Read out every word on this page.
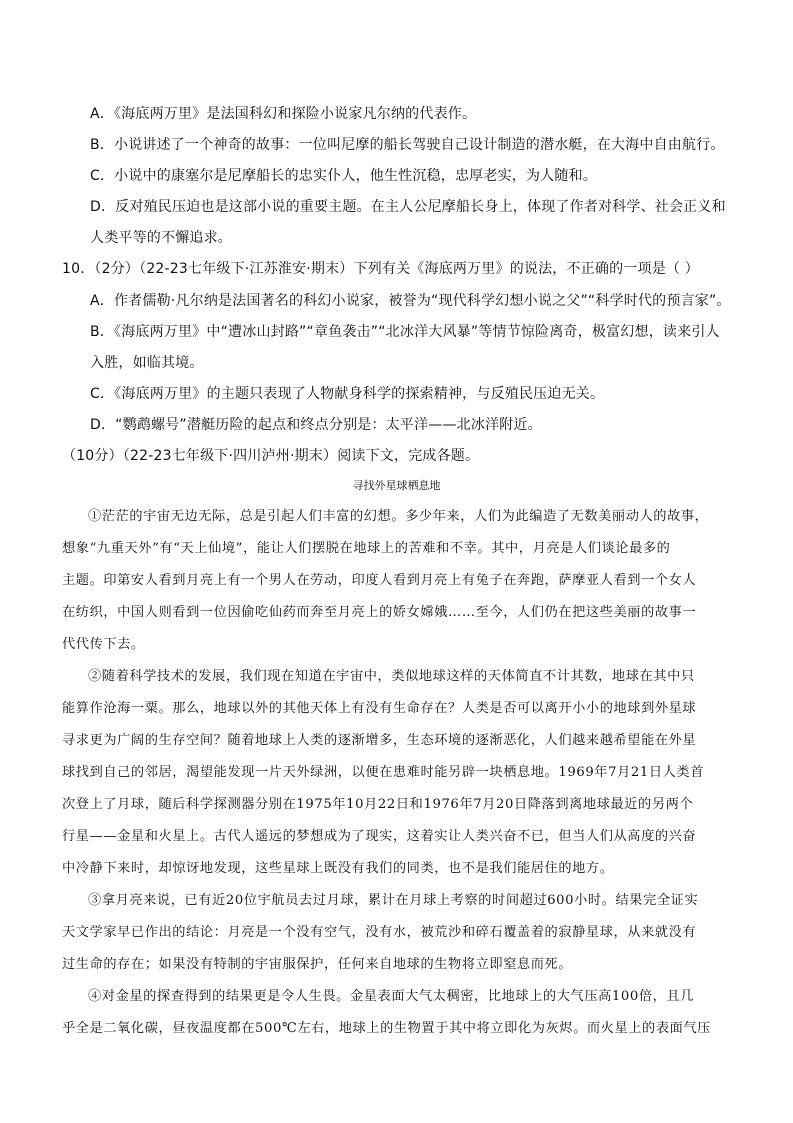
A．《海底两万里》是法国科幻和探险小说家凡尔纳的代表作。
B．小说讲述了一个神奇的故事：一位叫尼摩的船长驾驶自己设计制造的潜水艇，在大海中自由航行。
C．小说中的康塞尔是尼摩船长的忠实仆人，他生性沉稳，忠厚老实，为人随和。
D．反对殖民压迫也是这部小说的重要主题。在主人公尼摩船长身上，体现了作者对科学、社会正义和
人类平等的不懈追求。
10．（2分）（22-23七年级下·江苏淮安·期末）下列有关《海底两万里》的说法，不正确的一项是（ ）
A．作者儒勒·凡尔纳是法国著名的科幻小说家，被誉为“现代科学幻想小说之父”“科学时代的预言家”。
B．《海底两万里》中“遭冰山封路”“章鱼袭击”“北冰洋大风暴”等情节惊险离奇，极富幻想，读来引人
入胜，如临其境。
C．《海底两万里》的主题只表现了人物献身科学的探索精神，与反殖民压迫无关。
D．“鹦鹉螺号”潜艇历险的起点和终点分别是：太平洋——北冰洋附近。
（10分）（22-23七年级下·四川泸州·期末）阅读下文，完成各题。
寻找外星球栖息地
①茫茫的宇宙无边无际，总是引起人们丰富的幻想。多少年来，人们为此编造了无数美丽动人的故事，
想象“九重天外”有“天上仙境”，能让人们摆脱在地球上的苦难和不幸。其中，月亮是人们谈论最多的
主题。印第安人看到月亮上有一个男人在劳动，印度人看到月亮上有兔子在奔跑，萨摩亚人看到一个女人
在纺织，中国人则看到一位因偷吃仙药而奔至月亮上的娇女嫦娥……至今，人们仍在把这些美丽的故事一
代代传下去。
②随着科学技术的发展，我们现在知道在宇宙中，类似地球这样的天体简直不计其数，地球在其中只
能算作沧海一粟。那么，地球以外的其他天体上有没有生命存在？人类是否可以离开小小的地球到外星球
寻求更为广阔的生存空间？随着地球上人类的逐渐增多，生态环境的逐渐恶化，人们越来越希望能在外星
球找到自己的邻居，渴望能发现一片天外绿洲，以便在患难时能另辟一块栖息地。1969年7月21日人类首
次登上了月球，随后科学探测器分别在1975年10月22日和1976年7月20日降落到离地球最近的另两个
行星——金星和火星上。古代人遥远的梦想成为了现实，这着实让人类兴奋不已，但当人们从高度的兴奋
中冷静下来时，却惊讶地发现，这些星球上既没有我们的同类，也不是我们能居住的地方。
③拿月亮来说，已有近20位宇航员去过月球，累计在月球上考察的时间超过600小时。结果完全证实
天文学家早已作出的结论：月亮是一个没有空气，没有水，被荒沙和碎石覆盖着的寂静星球，从来就没有
过生命的存在；如果没有特制的宇宙服保护，任何来自地球的生物将立即窒息而死。
④对金星的探查得到的结果更是令人生畏。金星表面大气太稠密，比地球上的大气压高100倍，且几
乎全是二氧化碳，昼夜温度都在500℃左右，地球上的生物置于其中将立即化为灰烬。而火星上的表面气压
